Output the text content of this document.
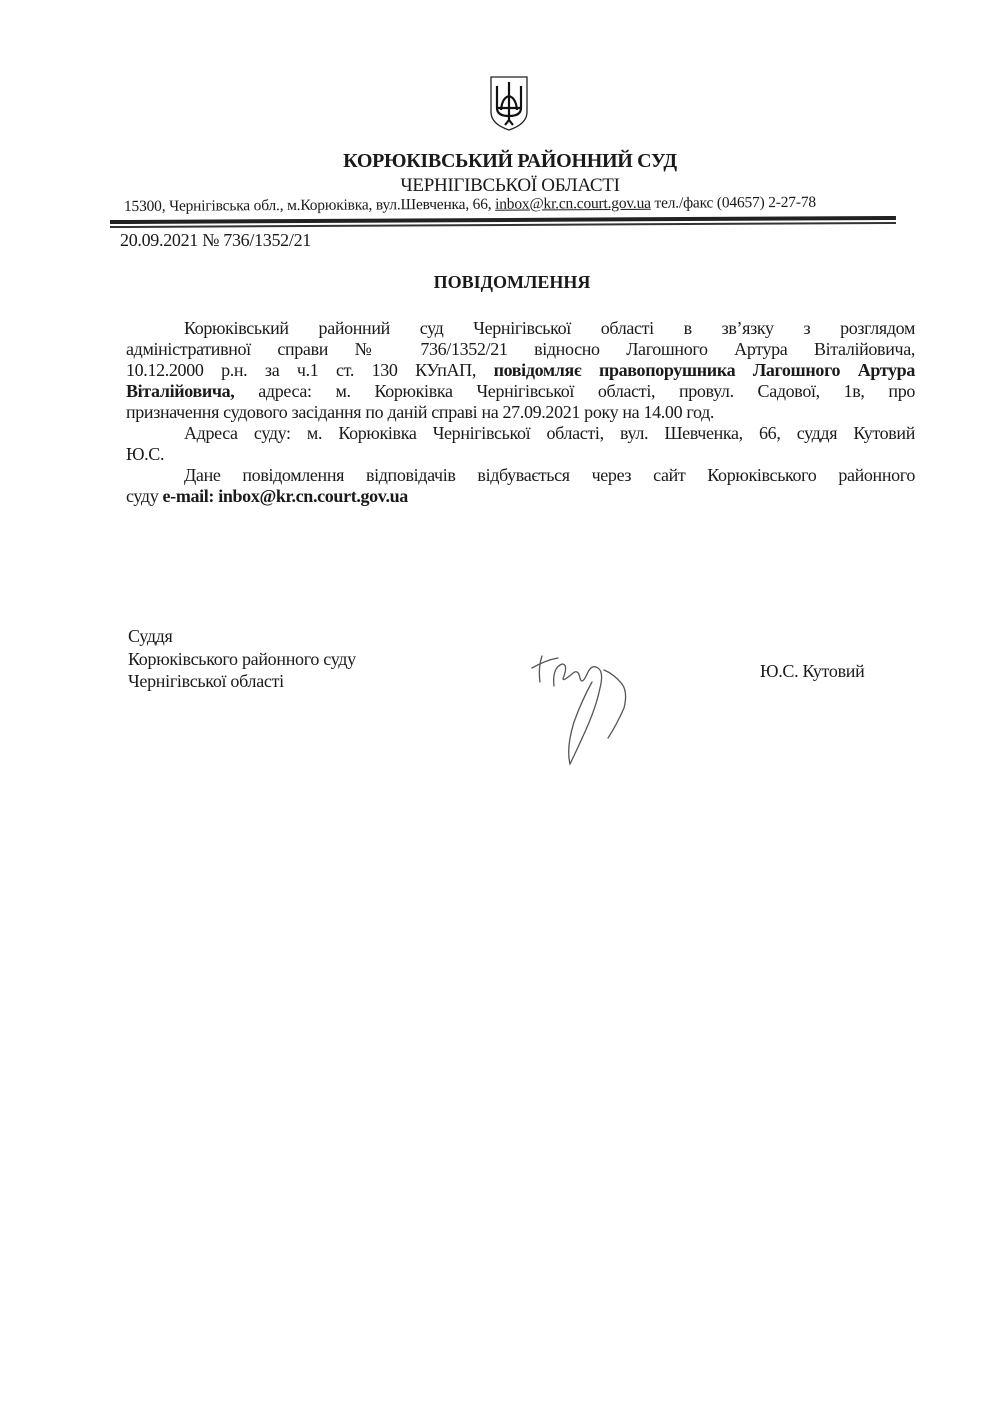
КОРЮКІВСЬКИЙ РАЙОННИЙ СУД
ЧЕРНІГІВСЬКОЇ ОБЛАСТІ
15300, Чернігівська обл., м.Корюківка, вул.Шевченка, 66, inbox@kr.cn.court.gov.ua тел./факс (04657) 2-27-78
20.09.2021 № 736/1352/21
ПОВІДОМЛЕННЯ
Корюківський районний суд Чернігівської області в зв’язку з розглядом
адміністративної справи № 736/1352/21 відносно Лагошного Артура Віталійовича,
10.12.2000 р.н. за ч.1 ст. 130 КУпАП, повідомляє правопорушника Лагошного Артура
Віталійовича, адреса: м. Корюківка Чернігівської області, провул. Садової, 1в, про
призначення судового засідання по даній справі на 27.09.2021 року на 14.00 год.
Адреса суду: м. Корюківка Чернігівської області, вул. Шевченка, 66, суддя Кутовий
Ю.С.
Дане повідомлення відповідачів відбувається через сайт Корюківського районного
суду e-mail: inbox@kr.cn.court.gov.ua
Суддя
Корюківського районного суду
Чернігівської області	Ю.С. Кутовий
